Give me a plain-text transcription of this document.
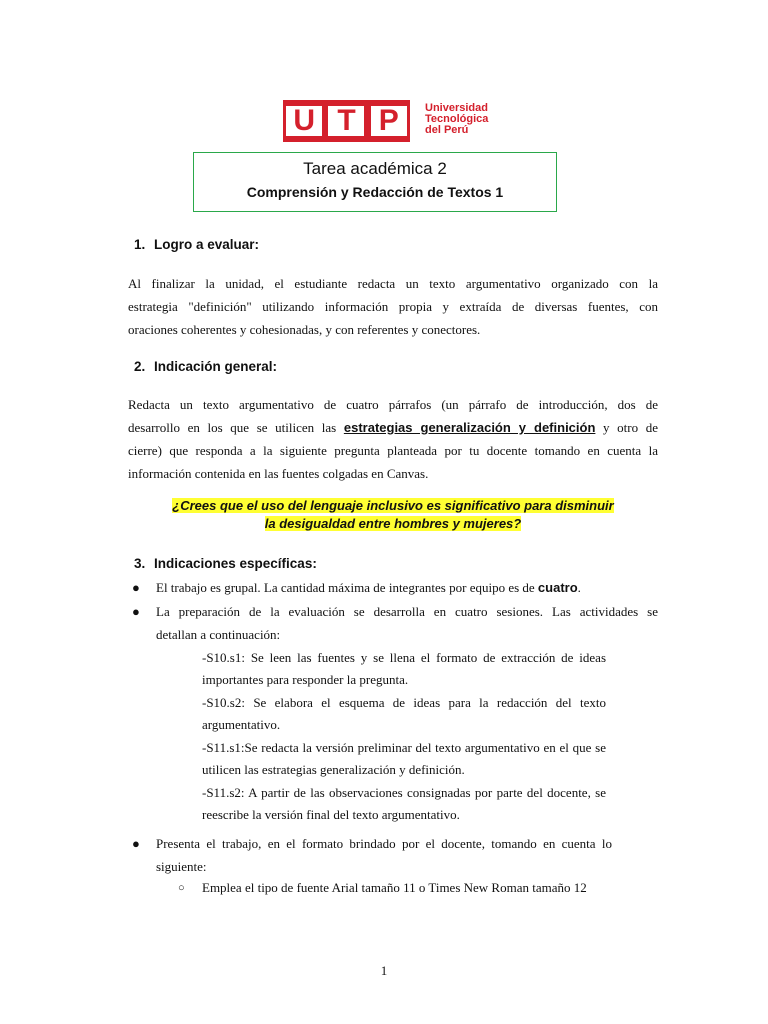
U T P	Universidad
Tecnológica
del Perú
Tarea académica 2
Comprensión y Redacción de Textos 1
1. Logro a evaluar:
Al finalizar la unidad, el estudiante redacta un texto argumentativo organizado con la
estrategia "definición" utilizando información propia y extraída de diversas fuentes, con
oraciones coherentes y cohesionadas, y con referentes y conectores.
2. Indicación general:
Redacta un texto argumentativo de cuatro párrafos (un párrafo de introducción, dos de
desarrollo en los que se utilicen las estrategias generalización y definición y otro de
cierre) que responda a la siguiente pregunta planteada por tu docente tomando en cuenta la
información contenida en las fuentes colgadas en Canvas.
¿Crees que el uso del lenguaje inclusivo es significativo para disminuir
la desigualdad entre hombres y mujeres?
3. Indicaciones específicas:
● El trabajo es grupal. La cantidad máxima de integrantes por equipo es de cuatro.
● La preparación de la evaluación se desarrolla en cuatro sesiones. Las actividades se
detallan a continuación:
-S10.s1: Se leen las fuentes y se llena el formato de extracción de ideas
importantes para responder la pregunta.
-S10.s2: Se elabora el esquema de ideas para la redacción del texto
argumentativo.
-S11.s1:Se redacta la versión preliminar del texto argumentativo en el que se
utilicen las estrategias generalización y definición.
-S11.s2: A partir de las observaciones consignadas por parte del docente, se
reescribe la versión final del texto argumentativo.
● Presenta el trabajo, en el formato brindado por el docente, tomando en cuenta lo
siguiente:
○ Emplea el tipo de fuente Arial tamaño 11 o Times New Roman tamaño 12
1
